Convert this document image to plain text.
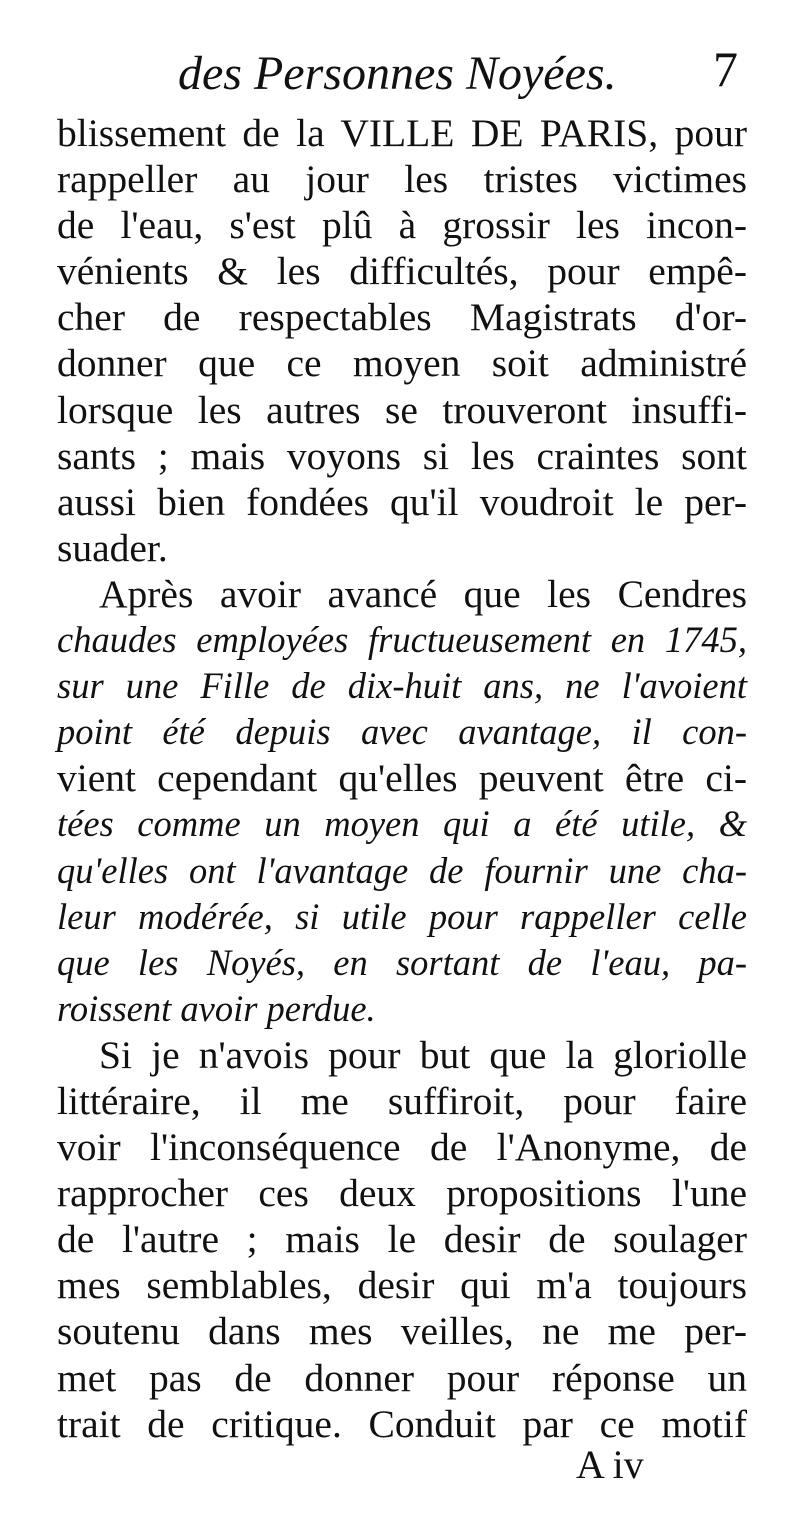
des Personnes Noyées. 7
blissement de la VILLE DE PARIS, pour
rappeller au jour les tristes victimes
de l'eau, s'est plû à grossir les incon-
vénients & les difficultés, pour empê-
cher de respectables Magistrats d'or-
donner que ce moyen soit administré
lorsque les autres se trouveront insuffi-
sants ; mais voyons si les craintes sont
aussi bien fondées qu'il voudroit le per-
suader.
Après avoir avancé que les Cendres
chaudes employées fructueusement en 1745,
sur une Fille de dix-huit ans, ne l'avoient
point été depuis avec avantage, il con-
vient cependant qu'elles peuvent être ci-
tées comme un moyen qui a été utile, &
qu'elles ont l'avantage de fournir une cha-
leur modérée, si utile pour rappeller celle
que les Noyés, en sortant de l'eau, pa-
roissent avoir perdue.
Si je n'avois pour but que la gloriolle
littéraire, il me suffiroit, pour faire
voir l'inconséquence de l'Anonyme, de
rapprocher ces deux propositions l'une
de l'autre ; mais le desir de soulager
mes semblables, desir qui m'a toujours
soutenu dans mes veilles, ne me per-
met pas de donner pour réponse un
trait de critique. Conduit par ce motif
A iv
